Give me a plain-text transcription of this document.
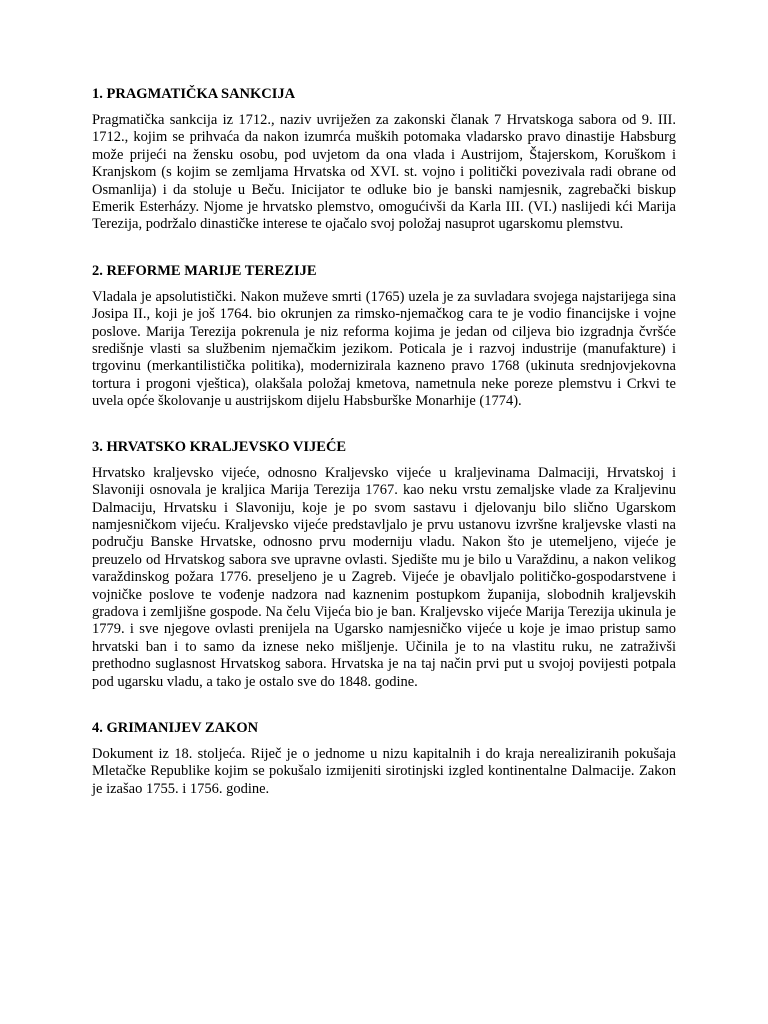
1. PRAGMATIČKA SANKCIJA

Pragmatička sankcija iz 1712., naziv uvriježen za zakonski članak 7 Hrvatskoga sabora od 9. III. 1712., kojim se prihvaća da nakon izumrća muških potomaka vladarsko pravo dinastije Habsburg može prijeći na žensku osobu, pod uvjetom da ona vlada i Austrijom, Štajerskom, Koruškom i Kranjskom (s kojim se zemljama Hrvatska od XVI. st. vojno i politički povezivala radi obrane od Osmanlija) i da stoluje u Beču. Inicijator te odluke bio je banski namjesnik, zagrebački biskup Emerik Esterházy. Njome je hrvatsko plemstvo, omogućivši da Karla III. (VI.) naslijedi kći Marija Terezija, podržalo dinastičke interese te ojačalo svoj položaj nasuprot ugarskomu plemstvu.

2. REFORME MARIJE TEREZIJE

Vladala je apsolutistički. Nakon muževe smrti (1765) uzela je za suvladara svojega najstarijega sina Josipa II., koji je još 1764. bio okrunjen za rimsko-njemačkog cara te je vodio financijske i vojne poslove. Marija Terezija pokrenula je niz reforma kojima je jedan od ciljeva bio izgradnja čvršće središnje vlasti sa službenim njemačkim jezikom. Poticala je i razvoj industrije (manufakture) i trgovinu (merkantilistička politika), modernizirala kazneno pravo 1768 (ukinuta srednjovjekovna tortura i progoni vještica), olakšala položaj kmetova, nametnula neke poreze plemstvu i Crkvi te uvela opće školovanje u austrijskom dijelu Habsburške Monarhije (1774).

3. HRVATSKO KRALJEVSKO VIJEĆE

Hrvatsko kraljevsko vijeće, odnosno Kraljevsko vijeće u kraljevinama Dalmaciji, Hrvatskoj i Slavoniji osnovala je kraljica Marija Terezija 1767. kao neku vrstu zemaljske vlade za Kraljevinu Dalmaciju, Hrvatsku i Slavoniju, koje je po svom sastavu i djelovanju bilo slično Ugarskom namjesničkom vijeću. Kraljevsko vijeće predstavljalo je prvu ustanovu izvršne kraljevske vlasti na području Banske Hrvatske, odnosno prvu moderniju vladu. Nakon što je utemeljeno, vijeće je preuzelo od Hrvatskog sabora sve upravne ovlasti. Sjedište mu je bilo u Varaždinu, a nakon velikog varaždinskog požara 1776. preseljeno je u Zagreb. Vijeće je obavljalo političko-gospodarstvene i vojničke poslove te vođenje nadzora nad kaznenim postupkom županija, slobodnih kraljevskih gradova i zemljišne gospode. Na čelu Vijeća bio je ban. Kraljevsko vijeće Marija Terezija ukinula je 1779. i sve njegove ovlasti prenijela na Ugarsko namjesničko vijeće u koje je imao pristup samo hrvatski ban i to samo da iznese neko mišljenje. Učinila je to na vlastitu ruku, ne zatraživši prethodno suglasnost Hrvatskog sabora. Hrvatska je na taj način prvi put u svojoj povijesti potpala pod ugarsku vladu, a tako je ostalo sve do 1848. godine.

4. GRIMANIJEV ZAKON

Dokument iz 18. stoljeća. Riječ je o jednome u nizu kapitalnih i do kraja nerealiziranih pokušaja Mletačke Republike kojim se pokušalo izmijeniti sirotinjski izgled kontinentalne Dalmacije. Zakon je izašao 1755. i 1756. godine.
